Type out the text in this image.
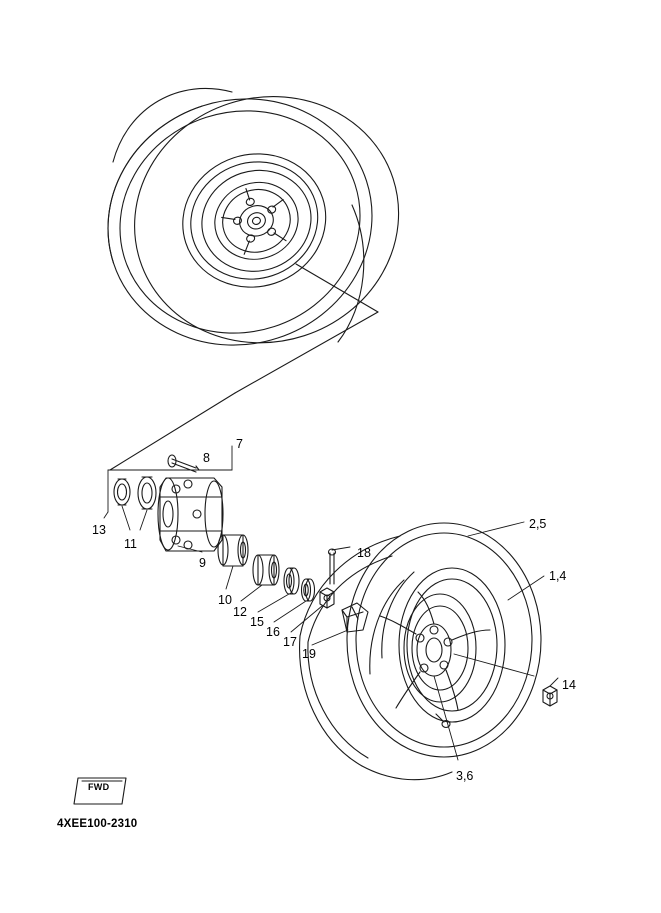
7
8
13
11
9
10
12
15
16
17
19
18
2,5
1,4
14
3,6
FWD
4XEE100-2310
